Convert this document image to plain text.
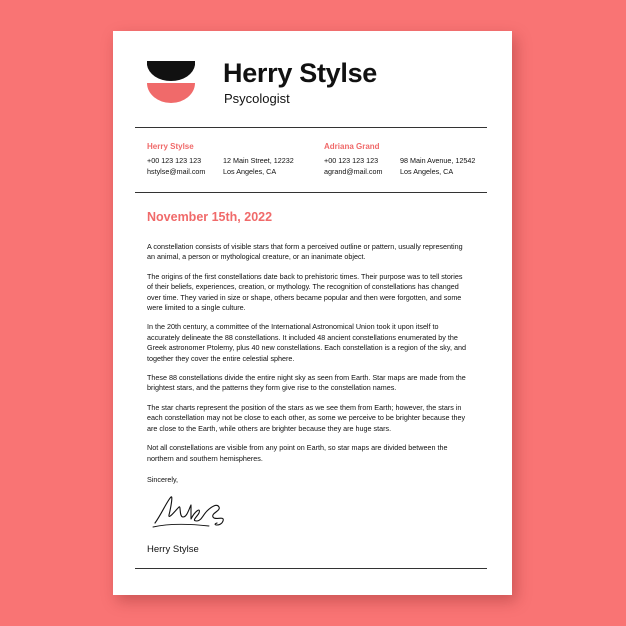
Herry Stylse
Psycologist
Herry Stylse
+00 123 123 123	12 Main Street, 12232
hstylse@mail.com	Los Angeles, CA
Adriana Grand
+00 123 123 123	98 Main Avenue, 12542
agrand@mail.com	Los Angeles, CA
November 15th, 2022

A constellation consists of visible stars that form a perceived outline or pattern, usually representing an animal, a person or mythological creature, or an inanimate object.

The origins of the first constellations date back to prehistoric times. Their purpose was to tell stories of their beliefs, experiences, creation, or mythology. The recognition of constellations has changed over time. They varied in size or shape, others became popular and then were forgotten, and some were limited to a single culture.

In the 20th century, a committee of the International Astronomical Union took it upon itself to accurately delineate the 88 constellations. It included 48 ancient constellations enumerated by the Greek astronomer Ptolemy, plus 40 new constellations. Each constellation is a region of the sky, and together they cover the entire celestial sphere.

These 88 constellations divide the entire night sky as seen from Earth. Star maps are made from the brightest stars, and the patterns they form give rise to the constellation names.

The star charts represent the position of the stars as we see them from Earth; however, the stars in each constellation may not be close to each other, as some we perceive to be brighter because they are close to the Earth, while others are brighter because they are huge stars.

Not all constellations are visible from any point on Earth, so star maps are divided between the northern and southern hemispheres.

Sincerely,
Herry Stylse
